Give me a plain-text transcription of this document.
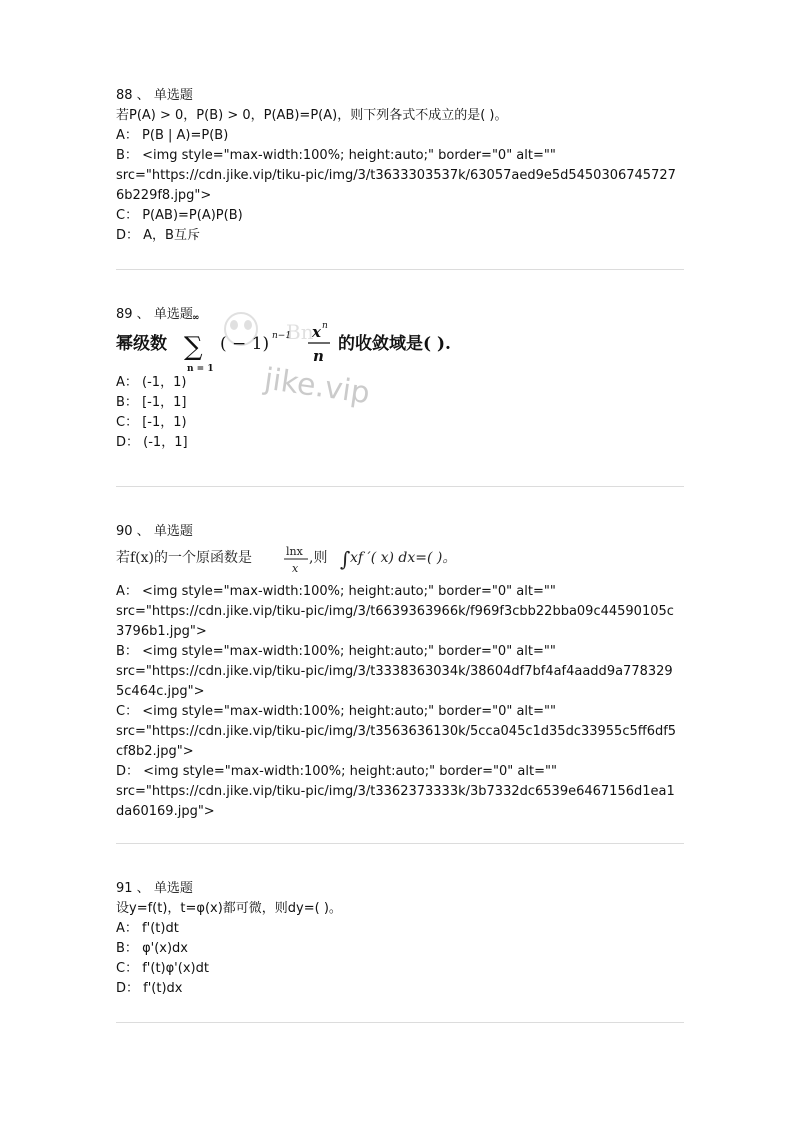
88 、 单选题
若P(A) > 0，P(B) > 0，P(AB)=P(A)，则下列各式不成立的是( )。
A： P(B | A)=P(B)
B： <img style="max-width:100%; height:auto;" border="0" alt=""
src="https://cdn.jike.vip/tiku-pic/img/3/t3633303537k/63057aed9e5d5450306745727
6b229f8.jpg">
C： P(AB)=P(A)P(B)
D： A，B互斥
89 、 单选题
Bn
幂级数
∞
∑
n = 1
( − 1) n−1 x n
n
的收敛域是( ).
A： (-1，1)
B： [-1，1]
C： [-1，1)
D： (-1，1]
jike.vip
90 、 单选题
若f(x)的一个原函数是	lnx
x
,则 ∫ xf ′( x) dx=( )。
A： <img style="max-width:100%; height:auto;" border="0" alt=""
src="https://cdn.jike.vip/tiku-pic/img/3/t6639363966k/f969f3cbb22bba09c44590105c
3796b1.jpg">
B： <img style="max-width:100%; height:auto;" border="0" alt=""
src="https://cdn.jike.vip/tiku-pic/img/3/t3338363034k/38604df7bf4af4aadd9a778329
5c464c.jpg">
C： <img style="max-width:100%; height:auto;" border="0" alt=""
src="https://cdn.jike.vip/tiku-pic/img/3/t3563636130k/5cca045c1d35dc33955c5ff6df5
cf8b2.jpg">
D： <img style="max-width:100%; height:auto;" border="0" alt=""
src="https://cdn.jike.vip/tiku-pic/img/3/t3362373333k/3b7332dc6539e6467156d1ea1
da60169.jpg">
91 、 单选题
设y=f(t)，t=φ(x)都可微，则dy=( )。
A： f'(t)dt
B： φ'(x)dx
C： f'(t)φ'(x)dt
D： f'(t)dx
